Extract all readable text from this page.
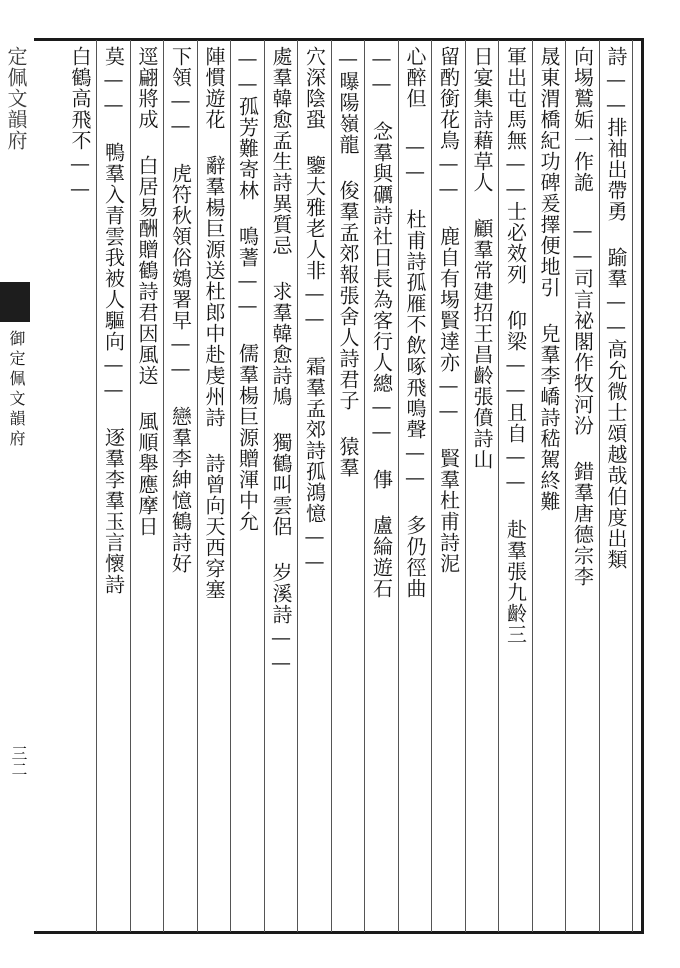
定佩文韻府
御定佩文韻府
三二
詩——排袖出帶勇 踰羣——高允微士頌越哉伯度出類
向埸鷲姤一作詭 ——司言祕閣作牧河汾 錯羣唐德宗李
晟東渭橋紀功碑爰擇便地引 皃羣李嶠詩嵇駕終難
軍出屯馬無——士必效列 仰梁——且自—— 赴羣張九齡三
日宴集詩藉草人 顧羣常建招王昌齡張僨詩山
留酌銜花鳥—— 鹿自有埸賢達亦—— 賢羣杜甫詩泥
心醉但 —— 杜甫詩孤雁不飲啄飛鳴聲—— 多仍徑曲
—— 念羣與礪詩社日長為客行人總—— 倳 盧綸遊石
—曝陽嶺龍 俊羣孟郊報張舍人詩君子 猿羣
穴深陰蛩 鑒大雅老人非—— 霜羣孟郊詩孤鴻憶——
處羣韓愈孟生詩異質忌 求羣韓愈詩鳩 獨鶴叫雲侶 岁溪詩——
——孤芳難寄林 鳴蓍—— 儒羣楊巨源贈渾中允
陣慣遊花 辭羣楊巨源送杜郎中赴虔州詩 詩曾向天西穿塞
下領—— 虎符秋領俗鴳署早—— 戀羣李紳憶鶴詩好
逕翩將成 白居易酬贈鶴詩君因風送 風順舉應摩日
莫—— 鴨羣入青雲我被人驅向—— 逐羣李羣玉言懷詩
白鶴高飛不——
